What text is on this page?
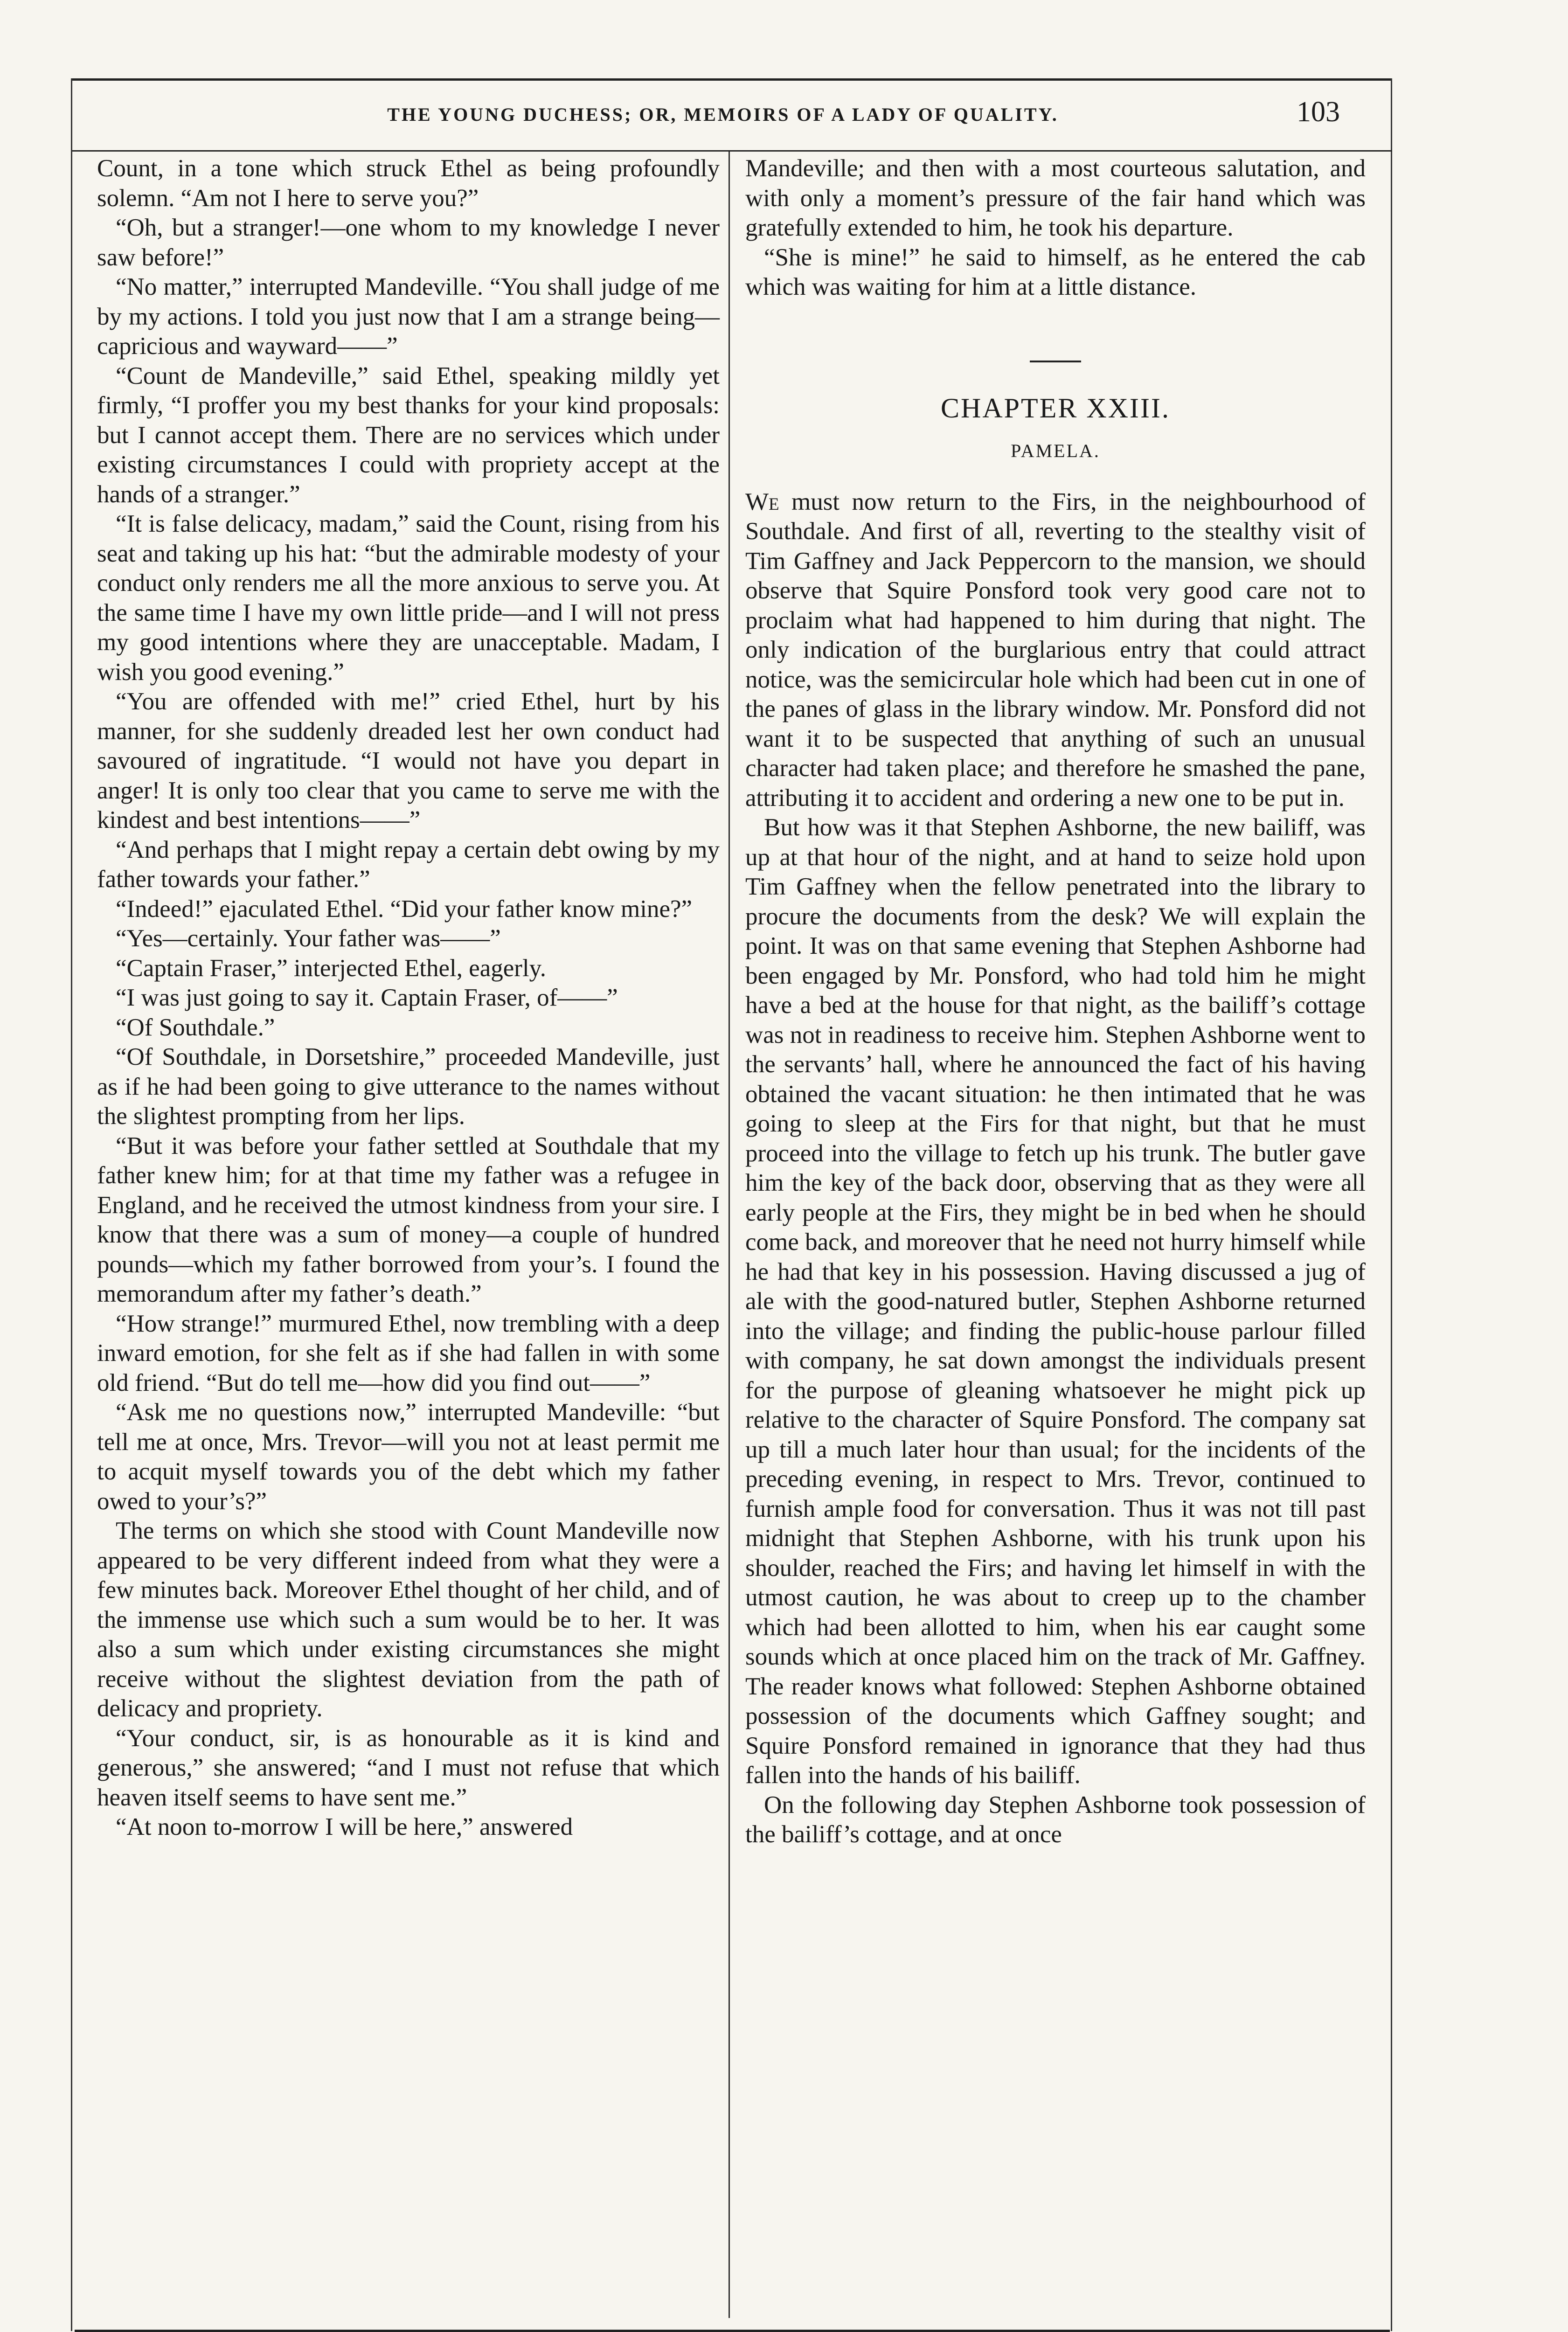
THE YOUNG DUCHESS; OR, MEMOIRS OF A LADY OF QUALITY.	103

Count, in a tone which struck Ethel as being profoundly solemn. “Am not I here to serve you?”

“Oh, but a stranger!—one whom to my knowledge I never saw before!”

“No matter,” interrupted Mandeville. “You shall judge of me by my actions. I told you just now that I am a strange being—capricious and wayward——”

“Count de Mandeville,” said Ethel, speaking mildly yet firmly, “I proffer you my best thanks for your kind proposals: but I cannot accept them. There are no services which under existing circumstances I could with propriety accept at the hands of a stranger.”

“It is false delicacy, madam,” said the Count, rising from his seat and taking up his hat: “but the admirable modesty of your conduct only renders me all the more anxious to serve you. At the same time I have my own little pride—and I will not press my good intentions where they are unacceptable. Madam, I wish you good evening.”

“You are offended with me!” cried Ethel, hurt by his manner, for she suddenly dreaded lest her own conduct had savoured of ingratitude. “I would not have you depart in anger! It is only too clear that you came to serve me with the kindest and best intentions——”

“And perhaps that I might repay a certain debt owing by my father towards your father.”

“Indeed!” ejaculated Ethel. “Did your father know mine?”

“Yes—certainly. Your father was——”

“Captain Fraser,” interjected Ethel, eagerly.

“I was just going to say it. Captain Fraser, of——”

“Of Southdale.”

“Of Southdale, in Dorsetshire,” proceeded Mandeville, just as if he had been going to give utterance to the names without the slightest prompting from her lips.

“But it was before your father settled at Southdale that my father knew him; for at that time my father was a refugee in England, and he received the utmost kindness from your sire. I know that there was a sum of money—a couple of hundred pounds—which my father borrowed from your’s. I found the memorandum after my father’s death.”

“How strange!” murmured Ethel, now trembling with a deep inward emotion, for she felt as if she had fallen in with some old friend. “But do tell me—how did you find out——”

“Ask me no questions now,” interrupted Mandeville: “but tell me at once, Mrs. Trevor—will you not at least permit me to acquit myself towards you of the debt which my father owed to your’s?”

The terms on which she stood with Count Mandeville now appeared to be very different indeed from what they were a few minutes back. Moreover Ethel thought of her child, and of the immense use which such a sum would be to her. It was also a sum which under existing circumstances she might receive without the slightest deviation from the path of delicacy and propriety.

“Your conduct, sir, is as honourable as it is kind and generous,” she answered; “and I must not refuse that which heaven itself seems to have sent me.”

“At noon to-morrow I will be here,” answered

Mandeville; and then with a most courteous salutation, and with only a moment’s pressure of the fair hand which was gratefully extended to him, he took his departure.

“She is mine!” he said to himself, as he entered the cab which was waiting for him at a little distance.

CHAPTER XXIII.
PAMELA.

We must now return to the Firs, in the neighbourhood of Southdale. And first of all, reverting to the stealthy visit of Tim Gaffney and Jack Peppercorn to the mansion, we should observe that Squire Ponsford took very good care not to proclaim what had happened to him during that night. The only indication of the burglarious entry that could attract notice, was the semicircular hole which had been cut in one of the panes of glass in the library window. Mr. Ponsford did not want it to be suspected that anything of such an unusual character had taken place; and therefore he smashed the pane, attributing it to accident and ordering a new one to be put in.

But how was it that Stephen Ashborne, the new bailiff, was up at that hour of the night, and at hand to seize hold upon Tim Gaffney when the fellow penetrated into the library to procure the documents from the desk? We will explain the point. It was on that same evening that Stephen Ashborne had been engaged by Mr. Ponsford, who had told him he might have a bed at the house for that night, as the bailiff’s cottage was not in readiness to receive him. Stephen Ashborne went to the servants’ hall, where he announced the fact of his having obtained the vacant situation: he then intimated that he was going to sleep at the Firs for that night, but that he must proceed into the village to fetch up his trunk. The butler gave him the key of the back door, observing that as they were all early people at the Firs, they might be in bed when he should come back, and moreover that he need not hurry himself while he had that key in his possession. Having discussed a jug of ale with the good-natured butler, Stephen Ashborne returned into the village; and finding the public-house parlour filled with company, he sat down amongst the individuals present for the purpose of gleaning whatsoever he might pick up relative to the character of Squire Ponsford. The company sat up till a much later hour than usual; for the incidents of the preceding evening, in respect to Mrs. Trevor, continued to furnish ample food for conversation. Thus it was not till past midnight that Stephen Ashborne, with his trunk upon his shoulder, reached the Firs; and having let himself in with the utmost caution, he was about to creep up to the chamber which had been allotted to him, when his ear caught some sounds which at once placed him on the track of Mr. Gaffney. The reader knows what followed: Stephen Ashborne obtained possession of the documents which Gaffney sought; and Squire Ponsford remained in ignorance that they had thus fallen into the hands of his bailiff.

On the following day Stephen Ashborne took possession of the bailiff’s cottage, and at once
